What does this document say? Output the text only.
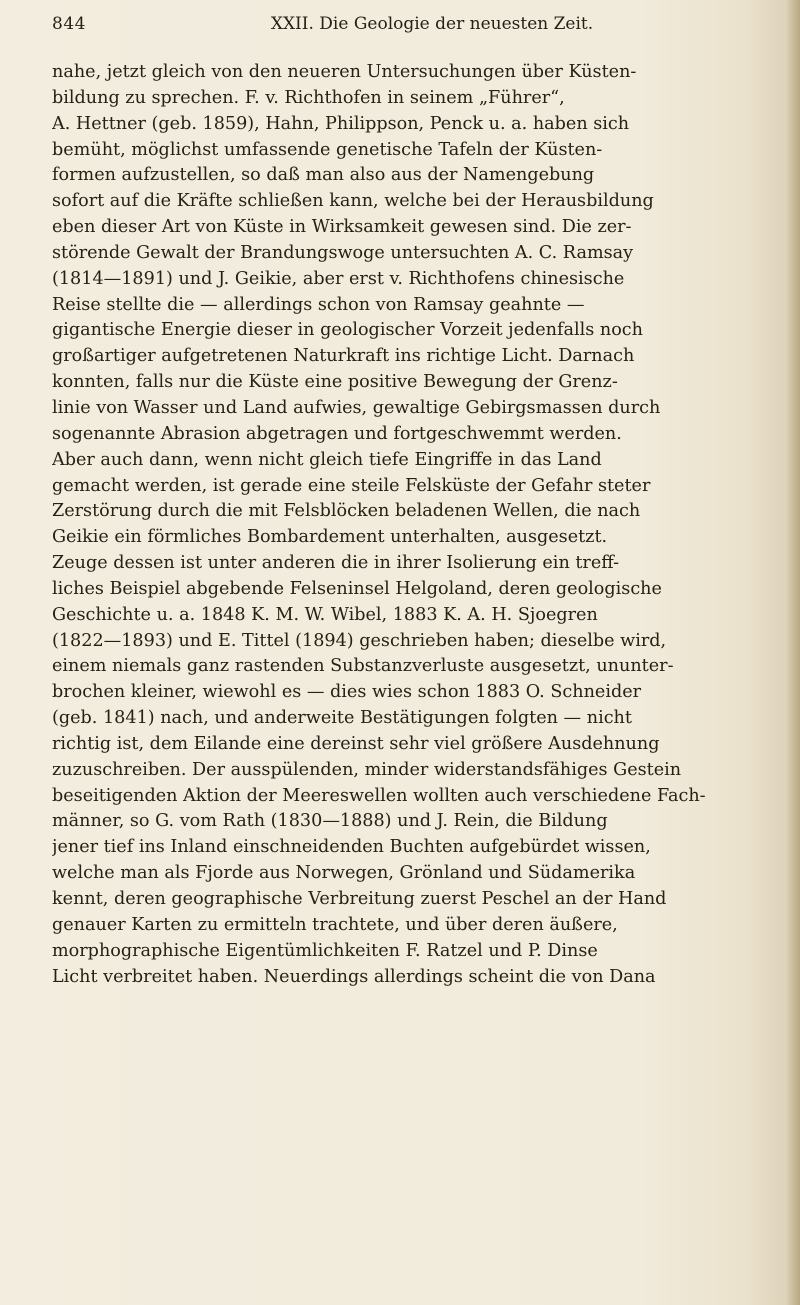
844	XXII. Die Geologie der neuesten Zeit.
nahe, jetzt gleich von den neueren Untersuchungen über Küsten-
bildung zu sprechen. F. v. Richthofen in seinem „Führer“,
A. Hettner (geb. 1859), Hahn, Philippson, Penck u. a. haben sich
bemüht, möglichst umfassende genetische Tafeln der Küsten-
formen aufzustellen, so daß man also aus der Namengebung
sofort auf die Kräfte schließen kann, welche bei der Herausbildung
eben dieser Art von Küste in Wirksamkeit gewesen sind. Die zer-
störende Gewalt der Brandungswoge untersuchten A. C. Ramsay
(1814—1891) und J. Geikie, aber erst v. Richthofens chinesische
Reise stellte die — allerdings schon von Ramsay geahnte —
gigantische Energie dieser in geologischer Vorzeit jedenfalls noch
großartiger aufgetretenen Naturkraft ins richtige Licht. Darnach
konnten, falls nur die Küste eine positive Bewegung der Grenz-
linie von Wasser und Land aufwies, gewaltige Gebirgsmassen durch
sogenannte Abrasion abgetragen und fortgeschwemmt werden.
Aber auch dann, wenn nicht gleich tiefe Eingriffe in das Land
gemacht werden, ist gerade eine steile Felsküste der Gefahr steter
Zerstörung durch die mit Felsblöcken beladenen Wellen, die nach
Geikie ein förmliches Bombardement unterhalten, ausgesetzt.
Zeuge dessen ist unter anderen die in ihrer Isolierung ein treff-
liches Beispiel abgebende Felseninsel Helgoland, deren geologische
Geschichte u. a. 1848 K. M. W. Wibel, 1883 K. A. H. Sjoegren
(1822—1893) und E. Tittel (1894) geschrieben haben; dieselbe wird,
einem niemals ganz rastenden Substanzverluste ausgesetzt, ununter-
brochen kleiner, wiewohl es — dies wies schon 1883 O. Schneider
(geb. 1841) nach, und anderweite Bestätigungen folgten — nicht
richtig ist, dem Eilande eine dereinst sehr viel größere Ausdehnung
zuzuschreiben. Der ausspülenden, minder widerstandsfähiges Gestein
beseitigenden Aktion der Meereswellen wollten auch verschiedene Fach-
männer, so G. vom Rath (1830—1888) und J. Rein, die Bildung
jener tief ins Inland einschneidenden Buchten aufgebürdet wissen,
welche man als Fjorde aus Norwegen, Grönland und Südamerika
kennt, deren geographische Verbreitung zuerst Peschel an der Hand
genauer Karten zu ermitteln trachtete, und über deren äußere,
morphographische Eigentümlichkeiten F. Ratzel und P. Dinse
Licht verbreitet haben. Neuerdings allerdings scheint die von Dana
